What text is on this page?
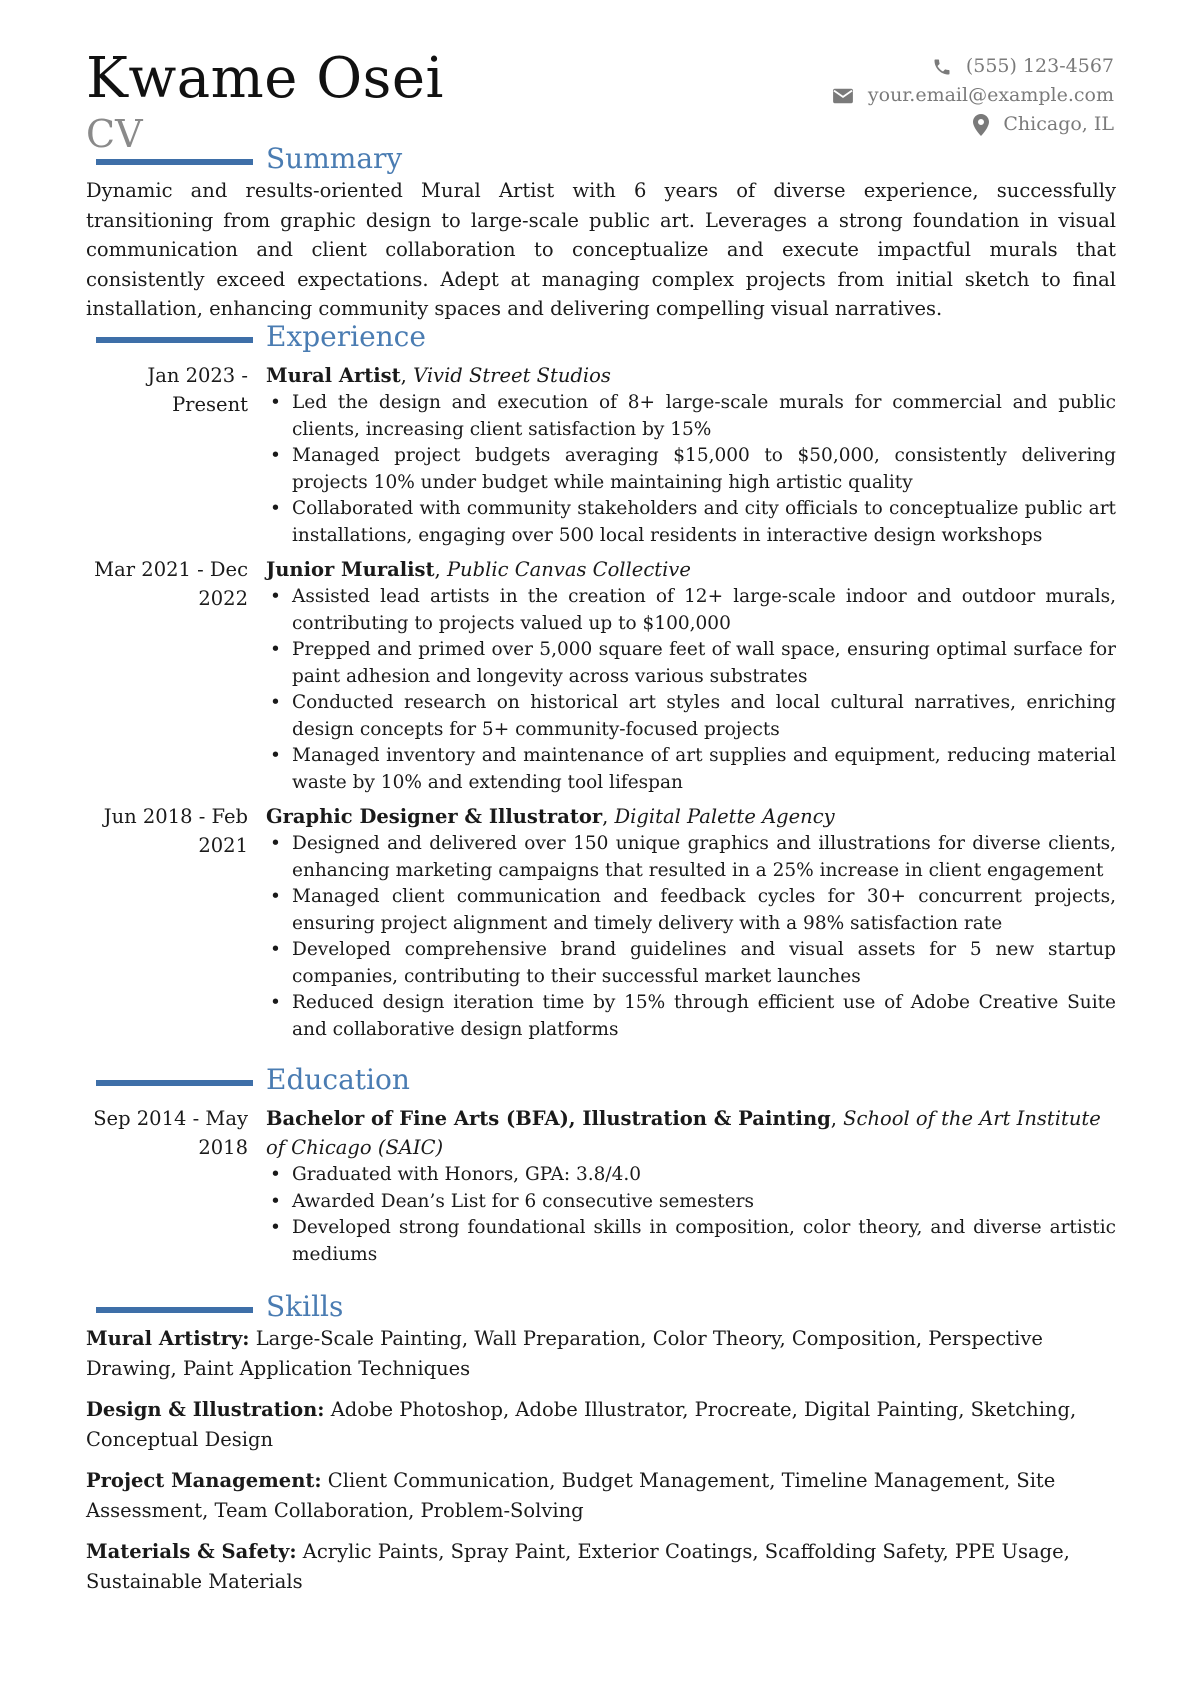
Kwame Osei
CV
(555) 123-4567
your.email@example.com
Chicago, IL
Summary
Dynamic and results-oriented Mural Artist with 6 years of diverse experience, successfully transitioning from graphic design to large-scale public art. Leverages a strong foundation in visual communication and client collaboration to conceptualize and execute impactful murals that consistently exceed expectations. Adept at managing complex projects from initial sketch to final installation, enhancing community spaces and delivering compelling visual narratives.
Experience
Jan 2023 - Present
Mural Artist, Vivid Street Studios
• Led the design and execution of 8+ large-scale murals for commercial and public clients, increasing client satisfaction by 15%
• Managed project budgets averaging $15,000 to $50,000, consistently delivering projects 10% under budget while maintaining high artistic quality
• Collaborated with community stakeholders and city officials to conceptualize public art installations, engaging over 500 local residents in interactive design workshops
Mar 2021 - Dec 2022
Junior Muralist, Public Canvas Collective
• Assisted lead artists in the creation of 12+ large-scale indoor and outdoor murals, contributing to projects valued up to $100,000
• Prepped and primed over 5,000 square feet of wall space, ensuring optimal surface for paint adhesion and longevity across various substrates
• Conducted research on historical art styles and local cultural narratives, enriching design concepts for 5+ community-focused projects
• Managed inventory and maintenance of art supplies and equipment, reducing material waste by 10% and extending tool lifespan
Jun 2018 - Feb 2021
Graphic Designer & Illustrator, Digital Palette Agency
• Designed and delivered over 150 unique graphics and illustrations for diverse clients, enhancing marketing campaigns that resulted in a 25% increase in client engagement
• Managed client communication and feedback cycles for 30+ concurrent projects, ensuring project alignment and timely delivery with a 98% satisfaction rate
• Developed comprehensive brand guidelines and visual assets for 5 new startup companies, contributing to their successful market launches
• Reduced design iteration time by 15% through efficient use of Adobe Creative Suite and collaborative design platforms
Education
Sep 2014 - May 2018
Bachelor of Fine Arts (BFA), Illustration & Painting, School of the Art Institute of Chicago (SAIC)
• Graduated with Honors, GPA: 3.8/4.0
• Awarded Dean’s List for 6 consecutive semesters
• Developed strong foundational skills in composition, color theory, and diverse artistic mediums
Skills
Mural Artistry: Large-Scale Painting, Wall Preparation, Color Theory, Composition, Perspective Drawing, Paint Application Techniques
Design & Illustration: Adobe Photoshop, Adobe Illustrator, Procreate, Digital Painting, Sketching, Conceptual Design
Project Management: Client Communication, Budget Management, Timeline Management, Site Assessment, Team Collaboration, Problem-Solving
Materials & Safety: Acrylic Paints, Spray Paint, Exterior Coatings, Scaffolding Safety, PPE Usage, Sustainable Materials
